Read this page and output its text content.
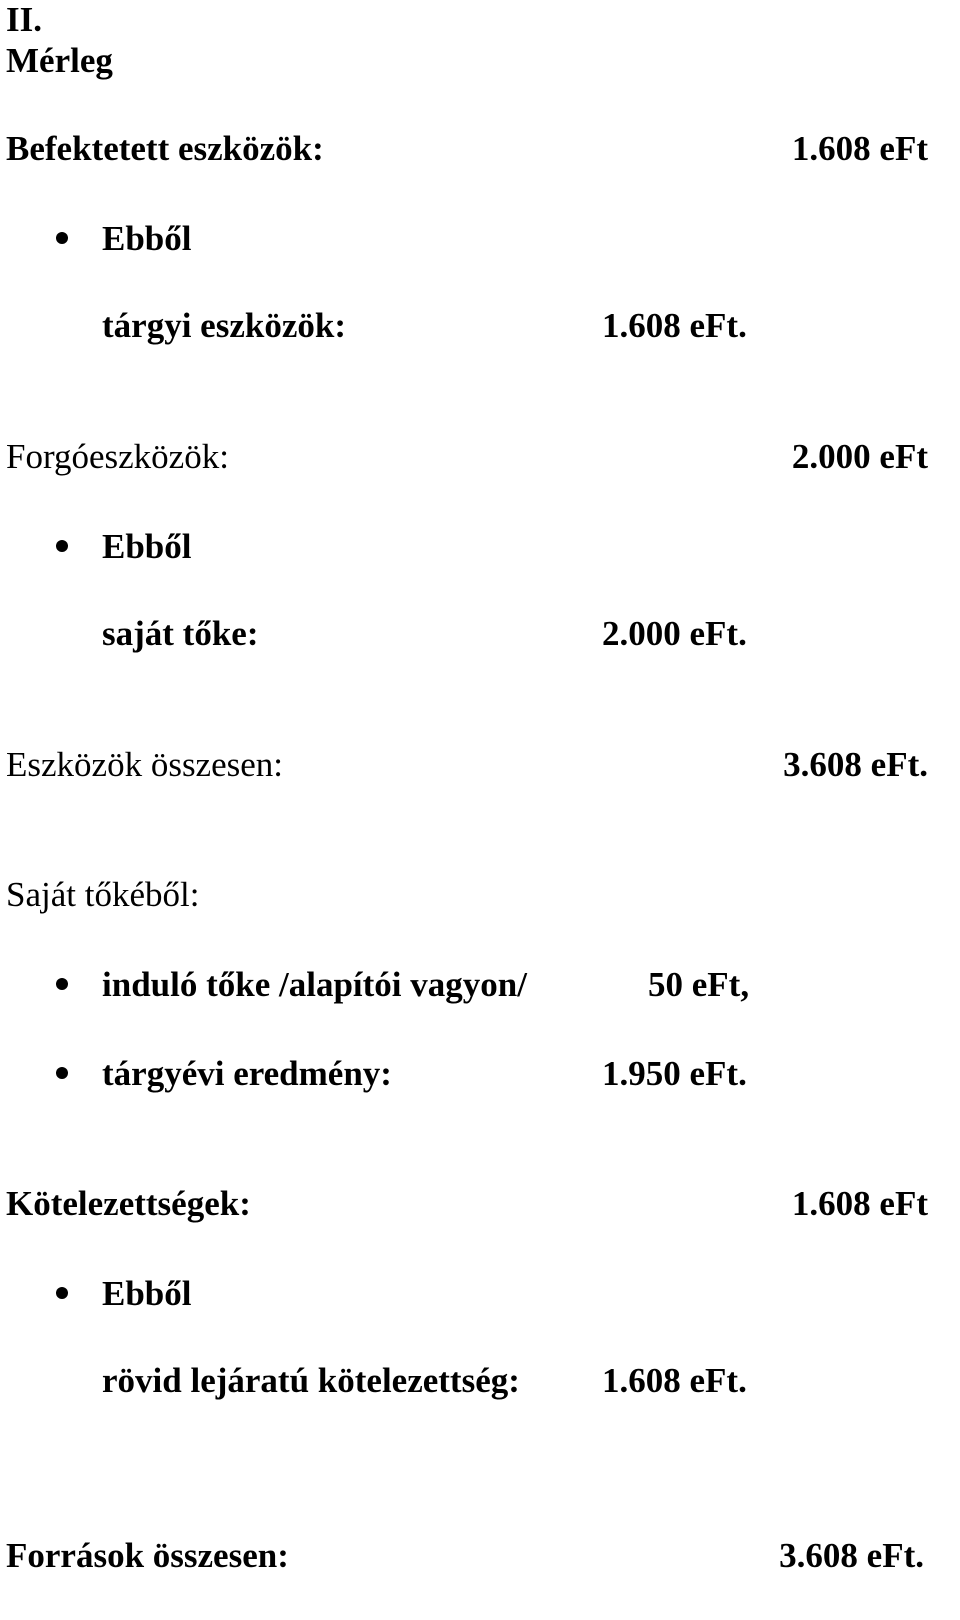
II.
Mérleg
Befektetett eszközök:	1.608 eFt
Ebből
tárgyi eszközök:	1.608 eFt.
Forgóeszközök:	2.000 eFt
Ebből
saját tőke:	2.000 eFt.
Eszközök összesen:	3.608 eFt.
Saját tőkéből:
induló tőke /alapítói vagyon/	50 eFt,
tárgyévi eredmény:	1.950 eFt.
Kötelezettségek:	1.608 eFt
Ebből
rövid lejáratú kötelezettség: 1.608 eFt.
Források összesen:	3.608 eFt.
